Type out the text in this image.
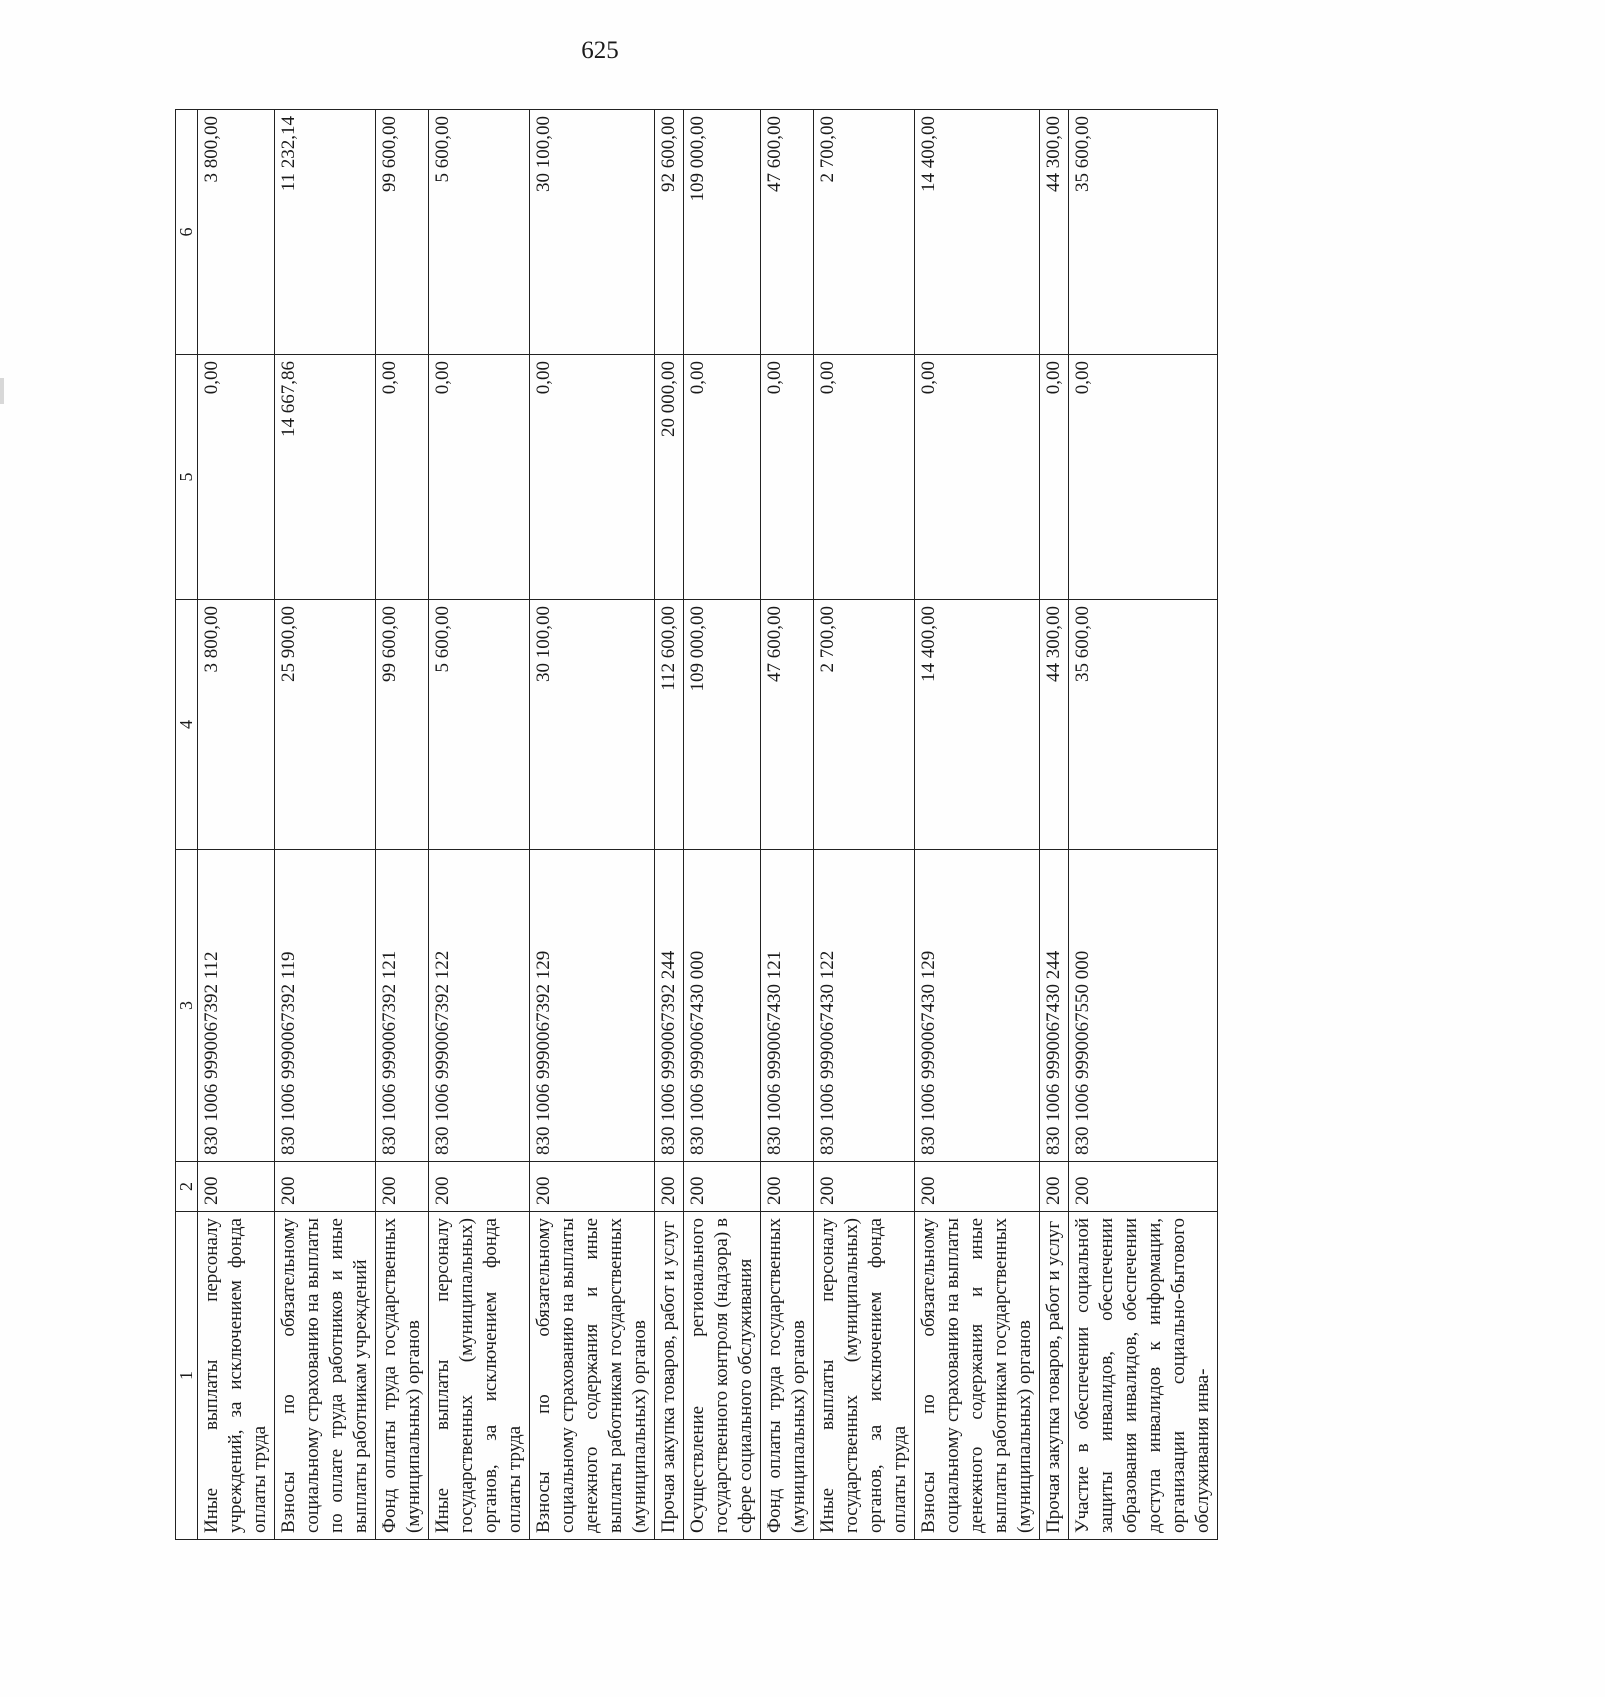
625
1	2	3	4	5	6
Иные выплаты персоналу учреждений, за исключением фонда оплаты труда	200	830 1006 9990067392 112	3 800,00	0,00	3 800,00
Взносы по обязательному социальному страхованию на выплаты по оплате труда работников и иные выплаты работникам учреждений	200	830 1006 9990067392 119	25 900,00	14 667,86	11 232,14
Фонд оплаты труда государственных (муниципальных) органов	200	830 1006 9990067392 121	99 600,00	0,00	99 600,00
Иные выплаты персоналу государственных (муниципальных) органов, за исключением фонда оплаты труда	200	830 1006 9990067392 122	5 600,00	0,00	5 600,00
Взносы по обязательному социальному страхованию на выплаты денежного содержания и иные выплаты работникам государственных (муниципальных) органов	200	830 1006 9990067392 129	30 100,00	0,00	30 100,00
Прочая закупка товаров, работ и услуг	200	830 1006 9990067392 244	112 600,00	20 000,00	92 600,00
Осуществление регионального государственного контроля (надзора) в сфере социального обслуживания	200	830 1006 9990067430 000	109 000,00	0,00	109 000,00
Фонд оплаты труда государственных (муниципальных) органов	200	830 1006 9990067430 121	47 600,00	0,00	47 600,00
Иные выплаты персоналу государственных (муниципальных) органов, за исключением фонда оплаты труда	200	830 1006 9990067430 122	2 700,00	0,00	2 700,00
Взносы по обязательному социальному страхованию на выплаты денежного содержания и иные выплаты работникам государственных (муниципальных) органов	200	830 1006 9990067430 129	14 400,00	0,00	14 400,00
Прочая закупка товаров, работ и услуг	200	830 1006 9990067430 244	44 300,00	0,00	44 300,00
Участие в обеспечении социальной защиты инвалидов, обеспечении образования инвалидов, обеспечении доступа инвалидов к информации, организации социально-бытового обслуживания инва-	200	830 1006 9990067550 000	35 600,00	0,00	35 600,00
